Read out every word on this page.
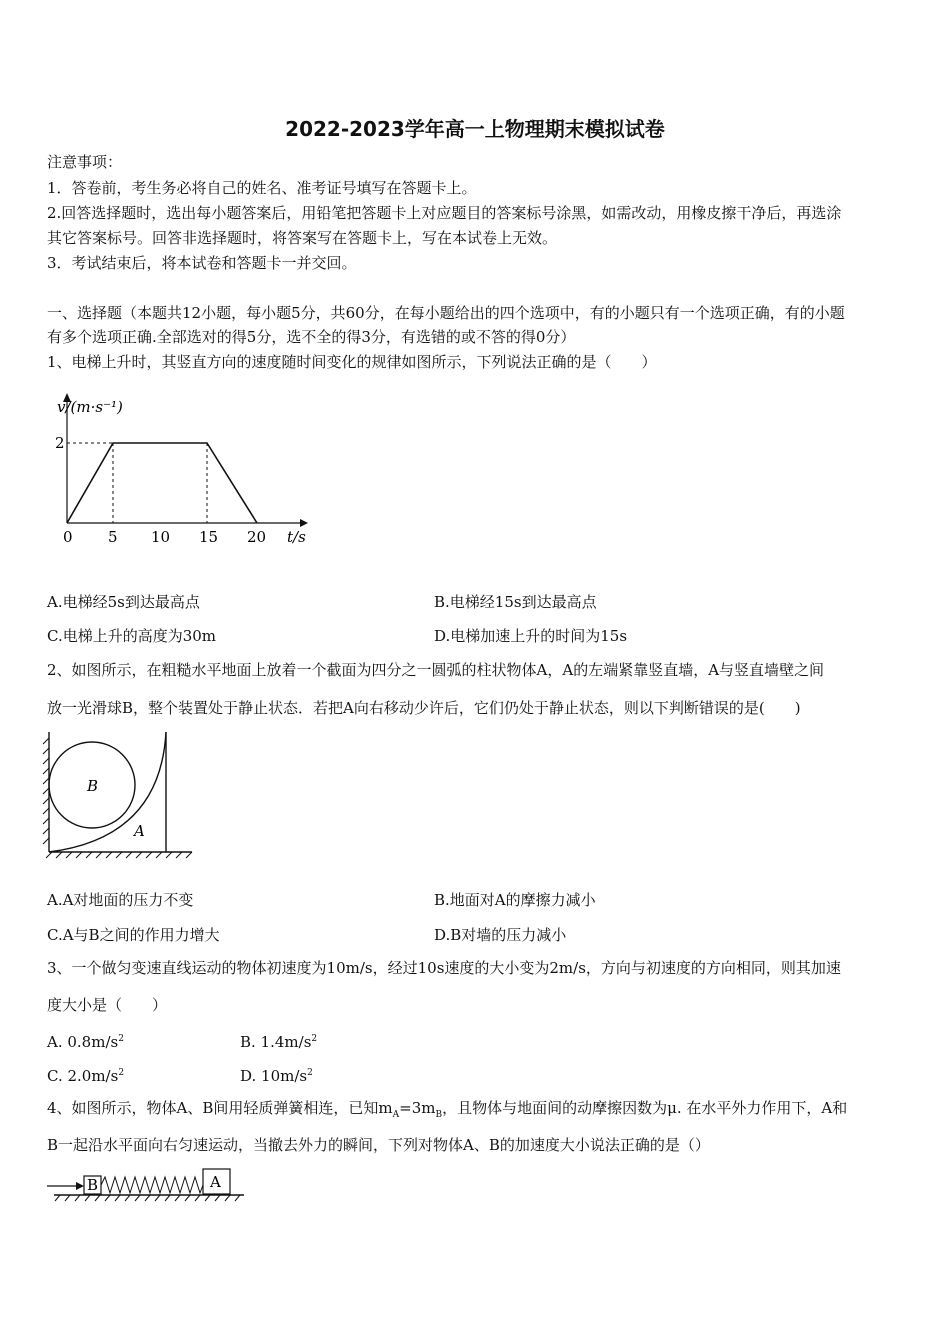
2022-2023学年高一上物理期末模拟试卷
注意事项：
1．答卷前，考生务必将自己的姓名、准考证号填写在答题卡上。
2.回答选择题时，选出每小题答案后，用铅笔把答题卡上对应题目的答案标号涂黑，如需改动，用橡皮擦干净后，再选涂
其它答案标号。回答非选择题时，将答案写在答题卡上，写在本试卷上无效。
3．考试结束后，将本试卷和答题卡一并交回。
一、选择题（本题共12小题，每小题5分，共60分，在每小题给出的四个选项中，有的小题只有一个选项正确，有的小题
有多个选项正确.全部选对的得5分，选不全的得3分，有选错的或不答的得0分）
1、电梯上升时，其竖直方向的速度随时间变化的规律如图所示，下列说法正确的是（　　）
v/(m·s⁻¹)
t/s
2
0 5 10 15 20
A.电梯经5s到达最高点	B.电梯经15s到达最高点
C.电梯上升的高度为30m	D.电梯加速上升的时间为15s
2、如图所示，在粗糙水平地面上放着一个截面为四分之一圆弧的柱状物体A，A的左端紧靠竖直墙，A与竖直墙壁之间
放一光滑球B，整个装置处于静止状态．若把A向右移动少许后，它们仍处于静止状态，则以下判断错误的是(　　)
B
A
A.A对地面的压力不变	B.地面对A的摩擦力减小
C.A与B之间的作用力增大	D.B对墙的压力减小
3、一个做匀变速直线运动的物体初速度为10m/s，经过10s速度的大小变为2m/s，方向与初速度的方向相同，则其加速
度大小是（　　）
A. $0.8m/s^2$	B. $1.4m/s^2$
C. $2.0m/s^2$	D. $10m/s^2$
4、如图所示，物体A、B间用轻质弹簧相连，已知$m_A=3m_B$，且物体与地面间的动摩擦因数为μ. 在水平外力作用下，A和
B一起沿水平面向右匀速运动，当撤去外力的瞬间，下列对物体A、B的加速度大小说法正确的是（）
B	A
